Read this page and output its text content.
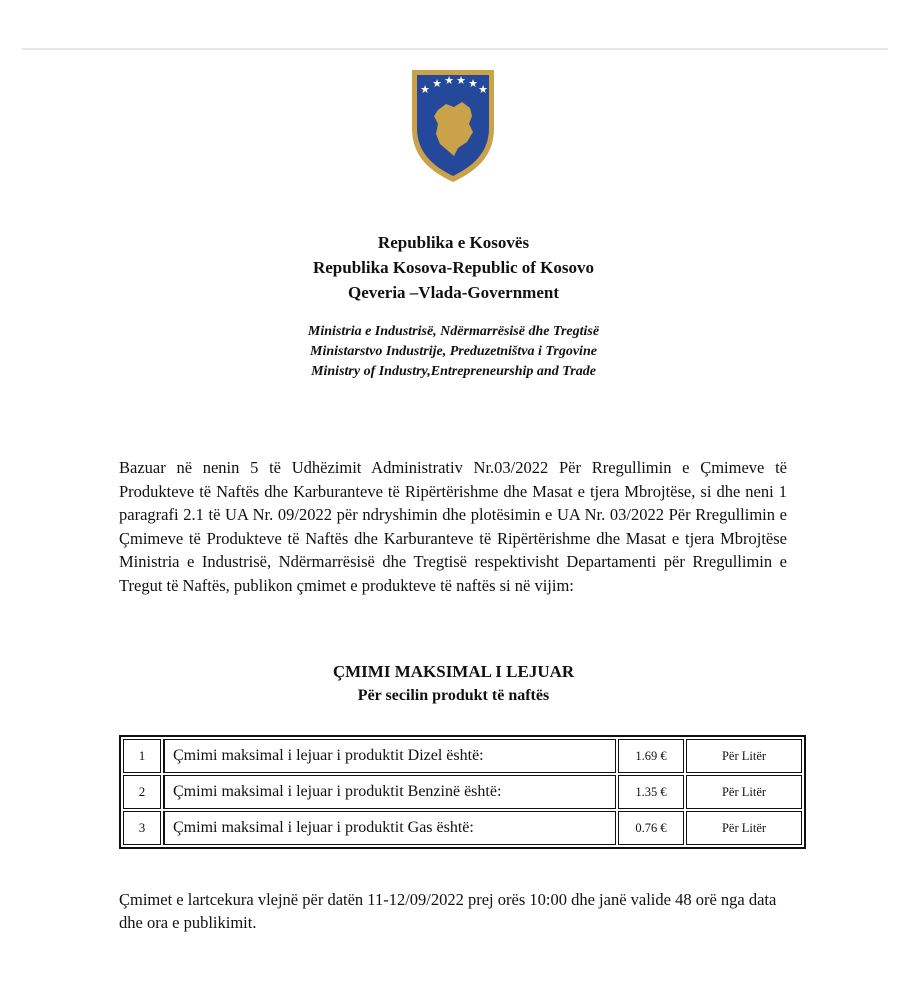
★ ★ ★ ★ ★ ★
Republika e Kosovës
Republika Kosova-Republic of Kosovo
Qeveria –Vlada-Government
Ministria e Industrisë, Ndërmarrësisë dhe Tregtisë
Ministarstvo Industrije, Preduzetništva i Trgovine
Ministry of Industry,Entrepreneurship and Trade
Bazuar në nenin 5 të Udhëzimit Administrativ Nr.03/2022 Për Rregullimin e Çmimeve të Produkteve të Naftës dhe Karburanteve të Ripërtërishme dhe Masat e tjera Mbrojtëse, si dhe neni 1 paragrafi 2.1 të UA Nr. 09/2022 për ndryshimin dhe plotësimin e UA Nr. 03/2022 Për Rregullimin e Çmimeve të Produkteve të Naftës dhe Karburanteve të Ripërtërishme dhe Masat e tjera Mbrojtëse Ministria e Industrisë, Ndërmarrësisë dhe Tregtisë respektivisht Departamenti për Rregullimin e Tregut të Naftës, publikon çmimet e produkteve të naftës si në vijim:
ÇMIMI MAKSIMAL I LEJUAR
Për secilin produkt të naftës
1	Çmimi maksimal i lejuar i produktit Dizel është:	1.69 €	Për Litër
2	Çmimi maksimal i lejuar i produktit Benzinë është:	1.35 €	Për Litër
3	Çmimi maksimal i lejuar i produktit Gas është:	0.76 €	Për Litër
Çmimet e lartcekura vlejnë për datën 11-12/09/2022 prej orës 10:00 dhe janë valide 48 orë nga data dhe ora e publikimit.
